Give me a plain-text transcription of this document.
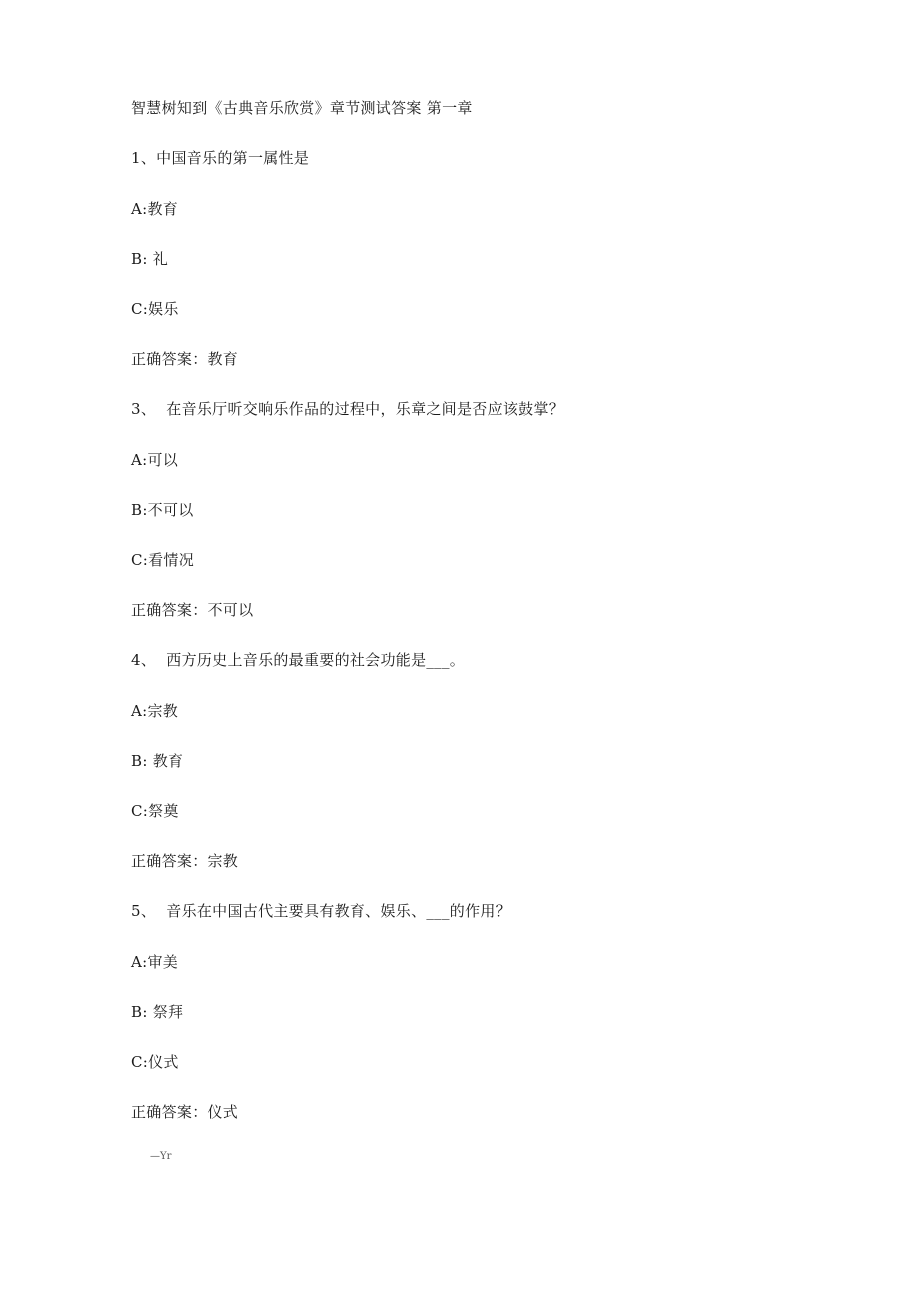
智慧树知到《古典音乐欣赏》章节测试答案 第一章
1、中国音乐的第一属性是
A:教育
B: 礼
C:娱乐
正确答案：教育
3、  在音乐厅听交响乐作品的过程中，乐章之间是否应该鼓掌？
A:可以
B:不可以
C:看情况
正确答案：不可以
4、  西方历史上音乐的最重要的社会功能是___。
A:宗教
B: 教育
C:祭奠
正确答案：宗教
5、  音乐在中国古代主要具有教育、娱乐、___的作用？
A:审美
B: 祭拜
C:仪式
正确答案：仪式
—Yr
